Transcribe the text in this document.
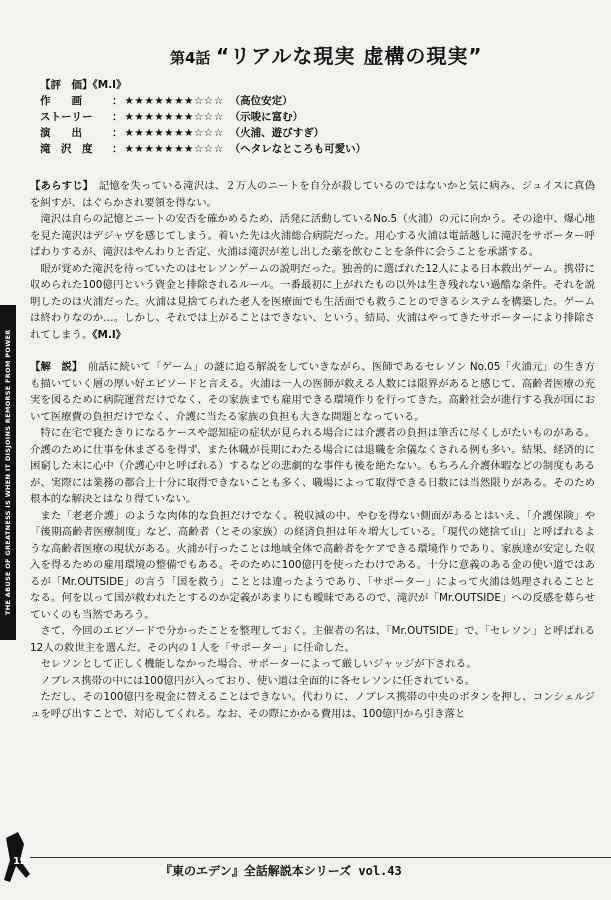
第4話 “リアルな現実 虚構の現実”
【評　価】《M.I》
作　　画	： ★★★★★★★☆☆☆ （高位安定）
ストーリー ： ★★★★★★★☆☆☆ （示唆に富む）
演　　出	： ★★★★★★★☆☆☆ （火浦、遊びすぎ）
滝　沢　度 ： ★★★★★★★☆☆☆ （ヘタレなところも可愛い）

【あらすじ】　 記憶を失っている滝沢は、２万人のニートを自分が殺しているのではないかと気に病み、ジュイスに真偽を糾すが、はぐらかされ要領を得ない。

滝沢は自らの記憶とニートの安否を確かめるため、活発に活動しているNo.5（火浦）の元に向かう。その途中、爆心地を見た滝沢はデジャヴを感じてしまう。着いた先は火浦総合病院だった。用心する火浦は電話越しに滝沢をサポーター呼ばわりするが、滝沢はやんわりと否定、火浦は滝沢が差し出した薬を飲むことを条件に会うことを承諾する。

眼が覚めた滝沢を待っていたのはセレソンゲームの説明だった。独善的に選ばれた12人による日本救出ゲーム。携帯に収められた100億円という資金と排除されるルール。一番最初に上がれたもの以外は生き残れない過酷な条件。それを説明したのは火浦だった。火浦は見捨てられた老人を医療面でも生活面でも救うことのできるシステムを構築した。ゲームは終わりなのか…。しかし、それでは上がることはできない、という。結局、火浦はやってきたサポーターにより排除されてしまう。《M.I》

【解　説】　 前話に続いて「ゲーム」の謎に迫る解説をしていきながら、医師であるセレソン No.05「火浦元」の生き方も描いていく層の厚い好エピソードと言える。火浦は一人の医師が救える人数には限界があると感じて、高齢者医療の充実を図るために病院運営だけでなく、その家族までも雇用できる環境作りを行ってきた。高齢社会が進行する我が国において医療費の負担だけでなく、介護に当たる家族の負担も大きな問題となっている。

特に在宅で寝たきりになるケースや認知症の症状が見られる場合には介護者の負担は筆舌に尽くしがたいものがある。介護のために仕事を休まざるを得ず、また休職が長期にわたる場合には退職を余儀なくされる例も多い。結果、経済的に困窮した末に心中（介護心中と呼ばれる）するなどの悲劇的な事件も後を絶たない。もちろん介護休暇などの制度もあるが、実際には業務の都合上十分に取得できないことも多く、職場によって取得できる日数には当然限りがある。そのため根本的な解決とはなり得ていない。

また「老老介護」のような肉体的な負担だけでなく、税収減の中、やむを得ない側面があるとはいえ、「介護保険」や「後期高齢者医療制度」など、高齢者（とその家族）の経済負担は年々増大している。「現代の姥捨て山」と呼ばれるような高齢者医療の現状がある。火浦が行ったことは地域全体で高齢者をケアできる環境作りであり、家族達が安定した収入を得るための雇用環境の整備でもある。そのために100億円を使ったわけである。十分に意義のある金の使い道ではあるが「Mr.OUTSIDE」の言う「国を救う」こととは違ったようであり、「サポーター」によって火浦は処理されることとなる。何を以って国が救われたとするのか定義があまりにも曖昧であるので、滝沢が「Mr.OUTSIDE」への反感を募らせていくのも当然であろう。

さて、今回のエピソードで分かったことを整理しておく。主催者の名は、「Mr.OUTSIDE」で、「セレソン」と呼ばれる12人の救世主を選んだ。その内の１人を「サポーター」に任命した。

セレソンとして正しく機能しなかった場合、サポーターによって厳しいジャッジが下される。

ノブレス携帯の中には100億円が入っており、使い道は全面的に各セレソンに任されている。

ただし、その100億円を現金に替えることはできない。代わりに、ノブレス携帯の中央のボタンを押し、コンシェルジュを呼び出すことで、対応してくれる。なお、その際にかかる費用は、100億円から引き落と

THE ABUSE OF GREATNESS IS WHEN IT DISJOINS REMORSE FROM POWER
12
『東のエデン』全話解説本シリーズ vol.43
